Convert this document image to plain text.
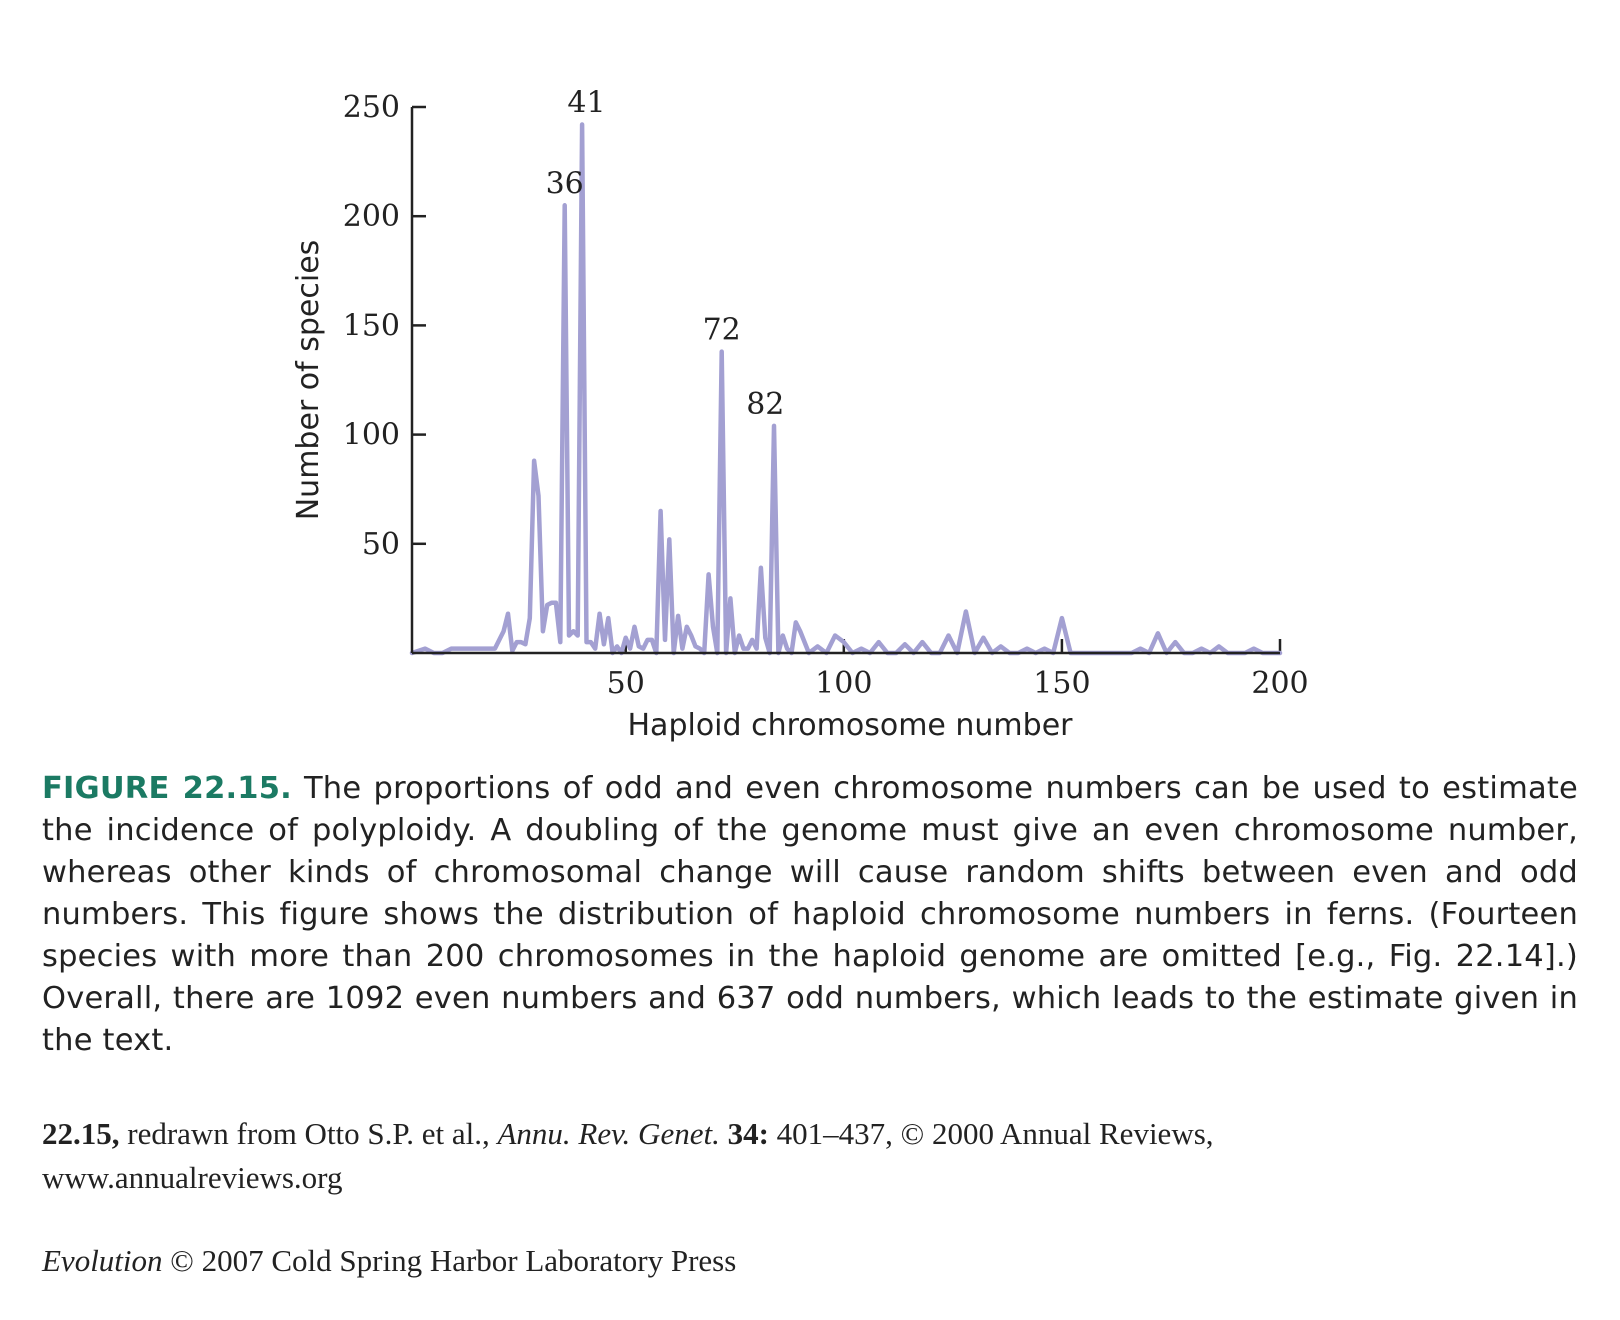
50
100
150
200
250
50	100	150	200
36
41
72
82
Haploid chromosome number
Number of species
FIGURE 22.15. The proportions of odd and even chromosome numbers can be used to estimate the incidence of polyploidy. A doubling of the genome must give an even chromosome number, whereas other kinds of chromosomal change will cause random shifts between even and odd numbers. This figure shows the distribution of haploid chromosome numbers in ferns. (Fourteen species with more than 200 chromosomes in the haploid genome are omitted [e.g., Fig. 22.14].) Overall, there are 1092 even numbers and 637 odd numbers, which leads to the estimate given in the text.
22.15, redrawn from Otto S.P. et al., Annu. Rev. Genet. 34: 401–437, © 2000 Annual Reviews,
www.annualreviews.org
Evolution © 2007 Cold Spring Harbor Laboratory Press
